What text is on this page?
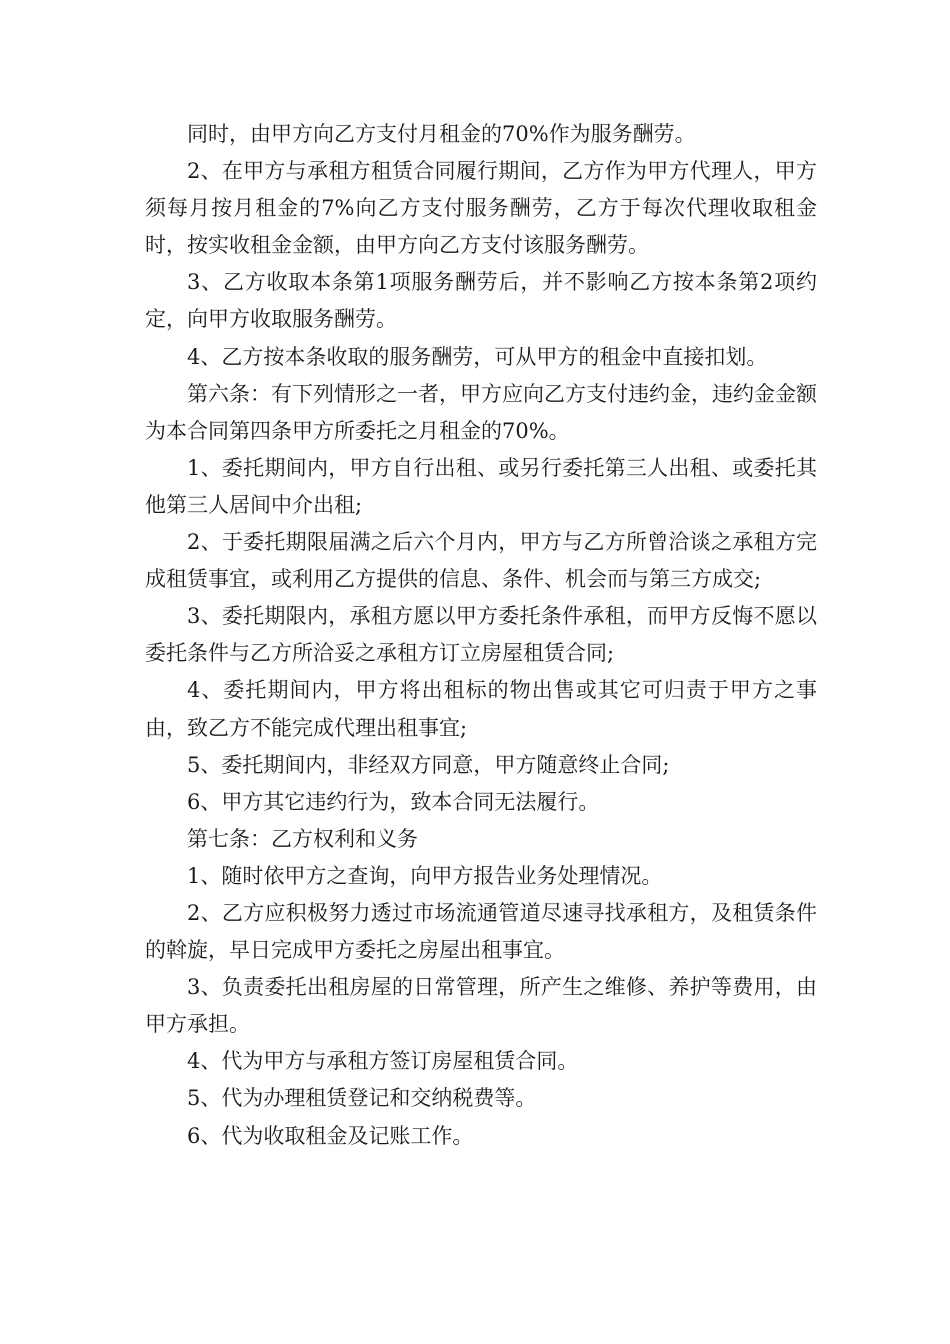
同时，由甲方向乙方支付月租金的70%作为服务酬劳。

2、在甲方与承租方租赁合同履行期间，乙方作为甲方代理人，甲方须每月按月租金的7%向乙方支付服务酬劳，乙方于每次代理收取租金时，按实收租金金额，由甲方向乙方支付该服务酬劳。

3、乙方收取本条第1项服务酬劳后，并不影响乙方按本条第2项约定，向甲方收取服务酬劳。

4、乙方按本条收取的服务酬劳，可从甲方的租金中直接扣划。

第六条：有下列情形之一者，甲方应向乙方支付违约金，违约金金额为本合同第四条甲方所委托之月租金的70%。

1、委托期间内，甲方自行出租、或另行委托第三人出租、或委托其他第三人居间中介出租;

2、于委托期限届满之后六个月内，甲方与乙方所曾洽谈之承租方完成租赁事宜，或利用乙方提供的信息、条件、机会而与第三方成交;

3、委托期限内，承租方愿以甲方委托条件承租，而甲方反悔不愿以委托条件与乙方所洽妥之承租方订立房屋租赁合同;

4、委托期间内，甲方将出租标的物出售或其它可归责于甲方之事由，致乙方不能完成代理出租事宜;

5、委托期间内，非经双方同意，甲方随意终止合同;

6、甲方其它违约行为，致本合同无法履行。

第七条：乙方权利和义务

1、随时依甲方之查询，向甲方报告业务处理情况。

2、乙方应积极努力透过市场流通管道尽速寻找承租方，及租赁条件的斡旋，早日完成甲方委托之房屋出租事宜。

3、负责委托出租房屋的日常管理，所产生之维修、养护等费用，由甲方承担。

4、代为甲方与承租方签订房屋租赁合同。

5、代为办理租赁登记和交纳税费等。

6、代为收取租金及记账工作。
